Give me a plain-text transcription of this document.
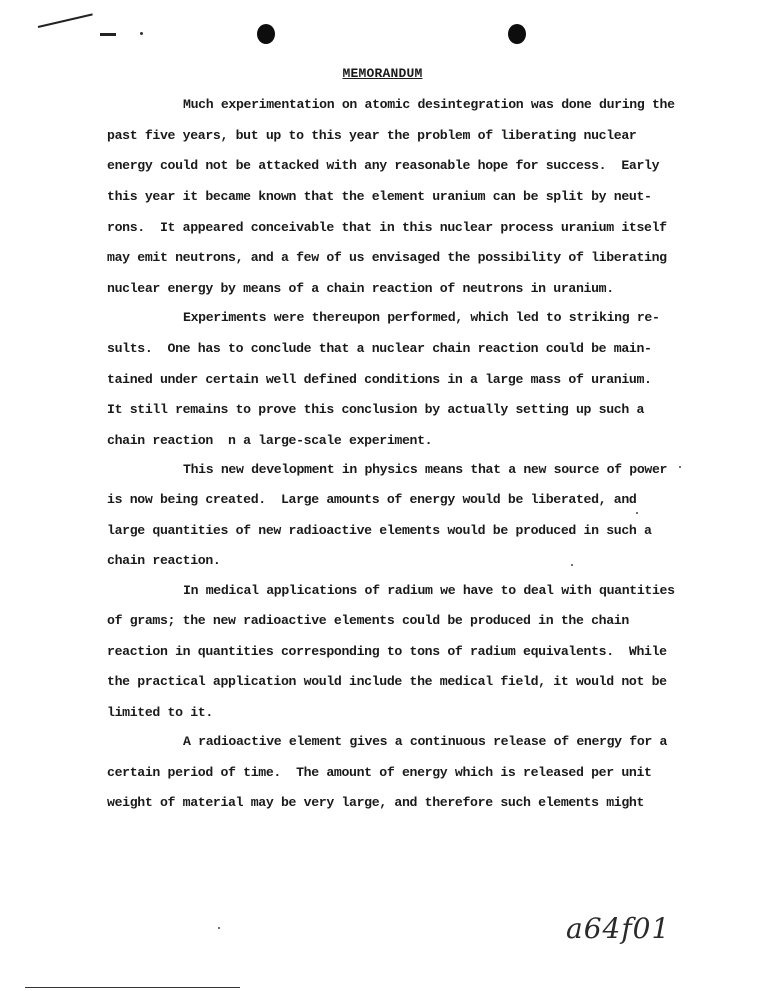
MEMORANDUM
Much experimentation on atomic desintegration was done during the
past five years, but up to this year the problem of liberating nuclear
energy could not be attacked with any reasonable hope for success.  Early
this year it became known that the element uranium can be split by neut-
rons.  It appeared conceivable that in this nuclear process uranium itself
may emit neutrons, and a few of us envisaged the possibility of liberating
nuclear energy by means of a chain reaction of neutrons in uranium.
Experiments were thereupon performed, which led to striking re-
sults.  One has to conclude that a nuclear chain reaction could be main-
tained under certain well defined conditions in a large mass of uranium.
It still remains to prove this conclusion by actually setting up such a
chain reaction  n a large-scale experiment.
This new development in physics means that a new source of power
is now being created.  Large amounts of energy would be liberated, and
large quantities of new radioactive elements would be produced in such a
chain reaction.
In medical applications of radium we have to deal with quantities
of grams; the new radioactive elements could be produced in the chain
reaction in quantities corresponding to tons of radium equivalents.  While
the practical application would include the medical field, it would not be
limited to it.
A radioactive element gives a continuous release of energy for a
certain period of time.  The amount of energy which is released per unit
weight of material may be very large, and therefore such elements might
a64f01
